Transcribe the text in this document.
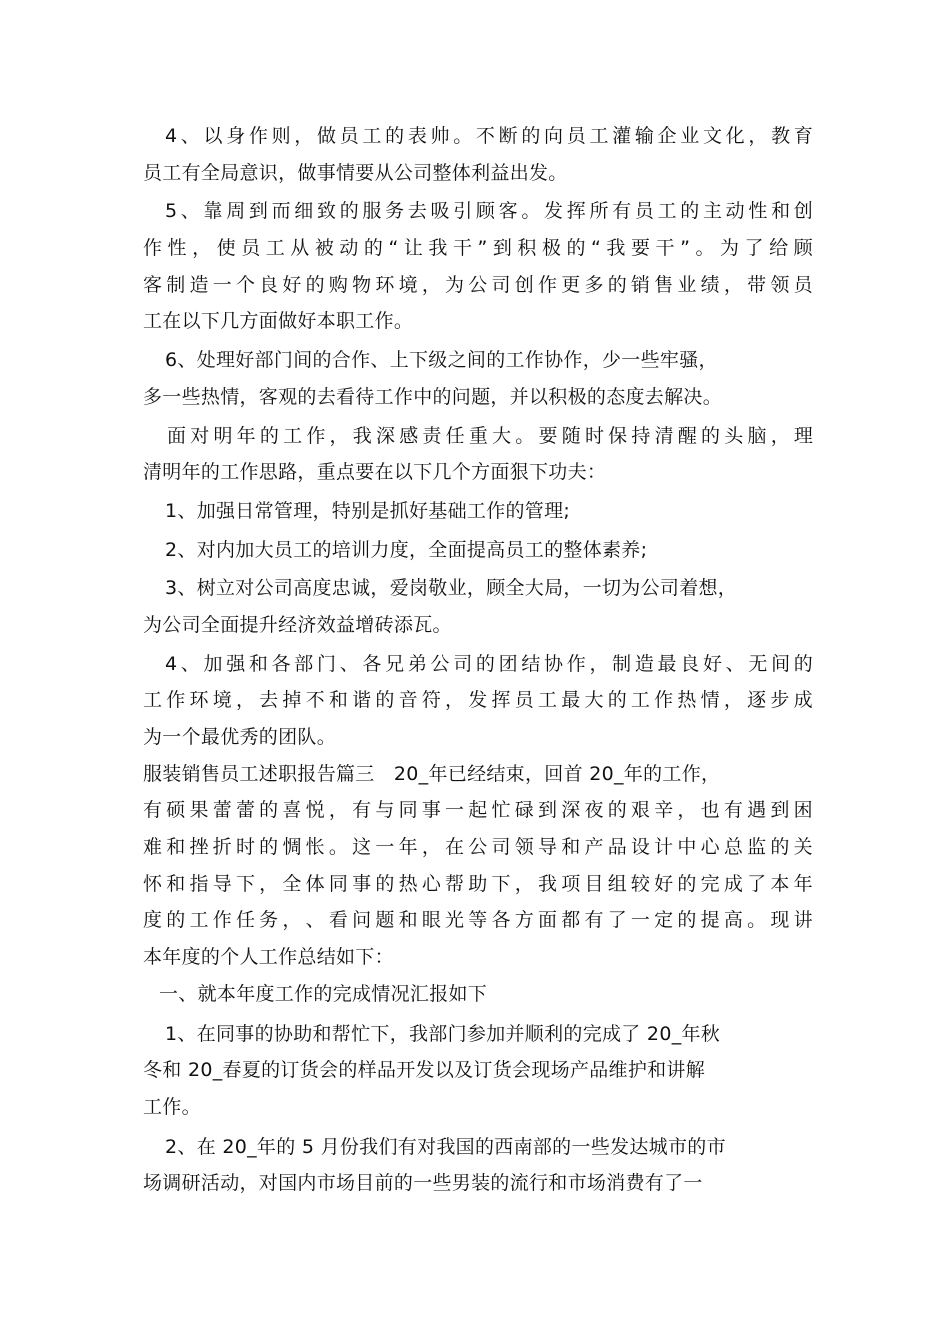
4 、 以 身 作 则 ， 做 员 工 的 表 帅 。 不 断 的 向 员 工 灌 输 企 业 文 化 ， 教 育
员工有全局意识，做事情要从公司整体利益出发。
5 、 靠 周 到 而 细 致 的 服 务 去 吸 引 顾 客 。 发 挥 所 有 员 工 的 主 动 性 和 创
作 性 ， 使 员 工 从 被 动 的 “ 让 我 干 ” 到 积 极 的 “ 我 要 干 ” 。 为 了 给 顾
客 制 造 一 个 良 好 的 购 物 环 境 ， 为 公 司 创 作 更 多 的 销 售 业 绩 ， 带 领 员
工在以下几方面做好本职工作。
6、处理好部门间的合作、上下级之间的工作协作，少一些牢骚，
多一些热情，客观的去看待工作中的问题，并以积极的态度去解决。
面 对 明 年 的 工 作 ， 我 深 感 责 任 重 大 。 要 随 时 保 持 清 醒 的 头 脑 ， 理
清明年的工作思路，重点要在以下几个方面狠下功夫：
1、加强日常管理，特别是抓好基础工作的管理;
2、对内加大员工的培训力度，全面提高员工的整体素养;
3、树立对公司高度忠诚，爱岗敬业，顾全大局，一切为公司着想，
为公司全面提升经济效益增砖添瓦。
4 、 加 强 和 各 部 门 、 各 兄 弟 公 司 的 团 结 协 作 ， 制 造 最 良 好 、 无 间 的
工 作 环 境 ， 去 掉 不 和 谐 的 音 符 ， 发 挥 员 工 最 大 的 工 作 热 情 ， 逐 步 成
为一个最优秀的团队。
服装销售员工述职报告篇三　20_年已经结束，回首 20_年的工作，
有 硕 果 蕾 蕾 的 喜 悦 ， 有 与 同 事 一 起 忙 碌 到 深 夜 的 艰 辛 ， 也 有 遇 到 困
难 和 挫 折 时 的 惆 怅 。 这 一 年 ， 在 公 司 领 导 和 产 品 设 计 中 心 总 监 的 关
怀 和 指 导 下 ， 全 体 同 事 的 热 心 帮 助 下 ， 我 项 目 组 较 好 的 完 成 了 本 年
度 的 工 作 任 务 ， 、 看 问 题 和 眼 光 等 各 方 面 都 有 了 一 定 的 提 高 。 现 讲
本年度的个人工作总结如下：
一、就本年度工作的完成情况汇报如下
1、在同事的协助和帮忙下，我部门参加并顺利的完成了 20_年秋
冬和 20_春夏的订货会的样品开发以及订货会现场产品维护和讲解
工作。
2、在 20_年的 5 月份我们有对我国的西南部的一些发达城市的市
场调研活动，对国内市场目前的一些男装的流行和市场消费有了一
